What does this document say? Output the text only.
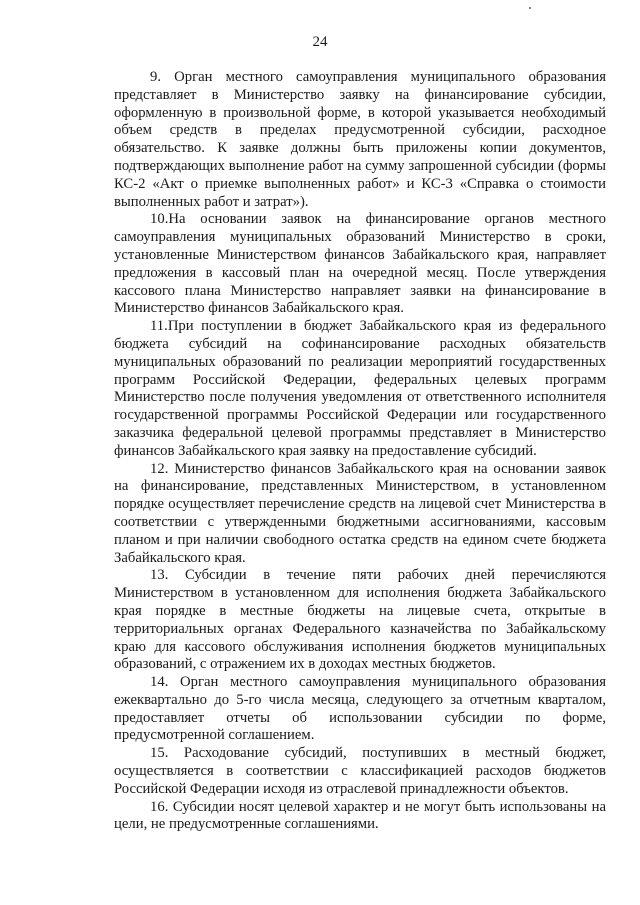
24

9. Орган местного самоуправления муниципального образования представляет в Министерство заявку на финансирование субсидии, оформленную в произвольной форме, в которой указывается необходимый объем средств в пределах предусмотренной субсидии, расходное обязательство. К заявке должны быть приложены копии документов, подтверждающих выполнение работ на сумму запрошенной субсидии (формы КС-2 «Акт о приемке выполненных работ» и КС-3 «Справка о стоимости выполненных работ и затрат»).

10.На основании заявок на финансирование органов местного самоуправления муниципальных образований Министерство в сроки, установленные Министерством финансов Забайкальского края, направляет предложения в кассовый план на очередной месяц. После утверждения кассового плана Министерство направляет заявки на финансирование в Министерство финансов Забайкальского края.

11.При поступлении в бюджет Забайкальского края из федерального бюджета субсидий на софинансирование расходных обязательств муниципальных образований по реализации мероприятий государственных программ Российской Федерации, федеральных целевых программ Министерство после получения уведомления от ответственного исполнителя государственной программы Российской Федерации или государственного заказчика федеральной целевой программы представляет в Министерство финансов Забайкальского края заявку на предоставление субсидий.

12. Министерство финансов Забайкальского края на основании заявок на финансирование, представленных Министерством, в установленном порядке осуществляет перечисление средств на лицевой счет Министерства в соответствии с утвержденными бюджетными ассигнованиями, кассовым планом и при наличии свободного остатка средств на едином счете бюджета Забайкальского края.

13. Субсидии в течение пяти рабочих дней перечисляются Министерством в установленном для исполнения бюджета Забайкальского края порядке в местные бюджеты на лицевые счета, открытые в территориальных органах Федерального казначейства по Забайкальскому краю для кассового обслуживания исполнения бюджетов муниципальных образований, с отражением их в доходах местных бюджетов.

14. Орган местного самоуправления муниципального образования ежеквартально до 5-го числа месяца, следующего за отчетным кварталом, предоставляет отчеты об использовании субсидии по форме, предусмотренной соглашением.

15. Расходование субсидий, поступивших в местный бюджет, осуществляется в соответствии с классификацией расходов бюджетов Российской Федерации исходя из отраслевой принадлежности объектов.

16. Субсидии носят целевой характер и не могут быть использованы на цели, не предусмотренные соглашениями.
